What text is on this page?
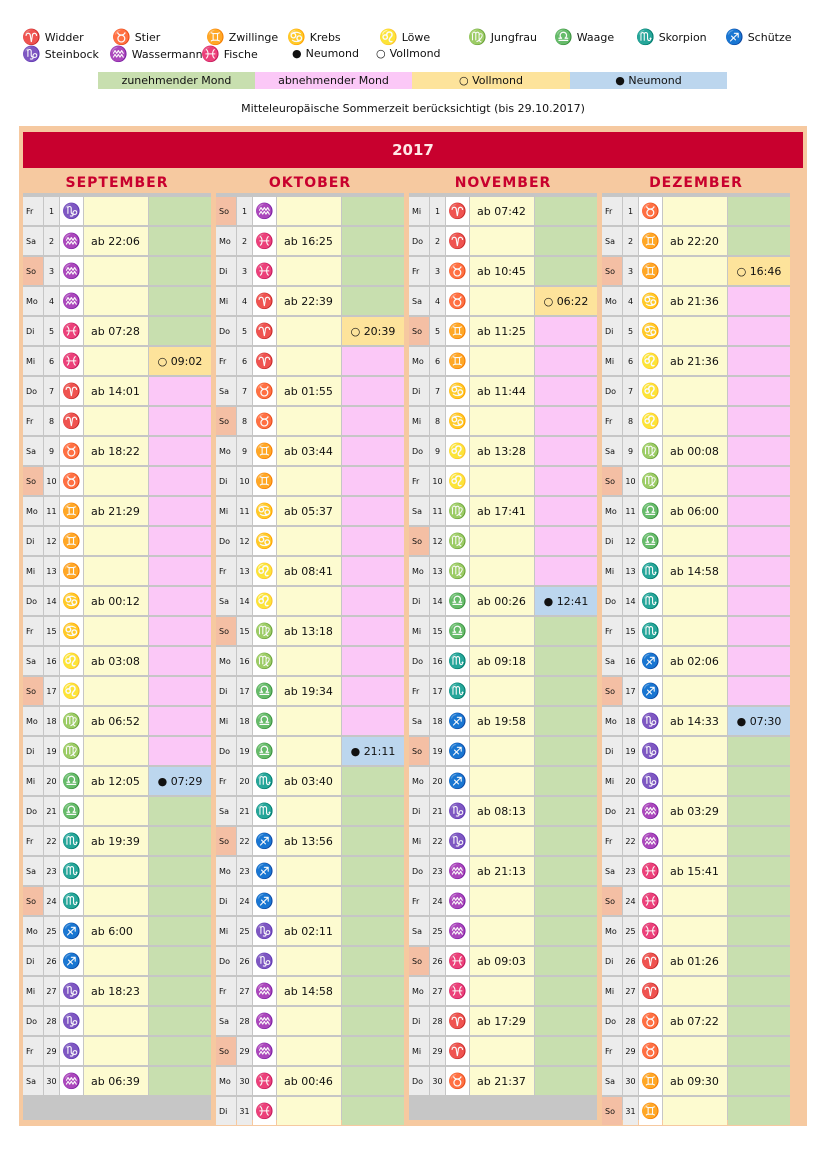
♈ Widder ♉ Stier	♊ Zwillinge ♋ Krebs	♌ Löwe	♍ Jungfrau ♎ Waage ♏ Skorpion ♐ Schütze
♑ Steinbock ♒ Wassermann
♓ Fische	● Neumond ○ Vollmond
zunehmender Mond	abnehmender Mond	○ Vollmond	● Neumond
Mitteleuropäische Sommerzeit berücksichtigt (bis 29.10.2017)
2017
SEPTEMBER
Fr	1 ♑
Sa	2 ♒ ab 22:06
So	3 ♒
Mo	4 ♒
Di	5 ♓ ab 07:28
Mi	6 ♓	○ 09:02
Do	7 ♈ ab 14:01
Fr	8 ♈
Sa	9 ♉ ab 18:22
So	10 ♉
Mo	11 ♊ ab 21:29
Di	12 ♊
Mi	13 ♊
Do	14 ♋ ab 00:12
Fr	15 ♋
Sa	16 ♌ ab 03:08
So	17 ♌
Mo	18 ♍ ab 06:52
Di	19 ♍
Mi	20 ♎ ab 12:05	● 07:29
Do	21 ♎
Fr	22 ♏ ab 19:39
Sa	23 ♏
So	24 ♏
Mo	25 ♐ ab 6:00
Di	26 ♐
Mi	27 ♑ ab 18:23
Do	28 ♑
Fr	29 ♑
Sa	30 ♒ ab 06:39
OKTOBER
So	1 ♒
Mo	2 ♓ ab 16:25
Di	3 ♓
Mi	4 ♈ ab 22:39
Do	5 ♈	○ 20:39
Fr	6 ♈
Sa	7 ♉ ab 01:55
So	8 ♉
Mo	9 ♊ ab 03:44
Di	10 ♊
Mi	11 ♋ ab 05:37
Do	12 ♋
Fr	13 ♌ ab 08:41
Sa	14 ♌
So	15 ♍ ab 13:18
Mo	16 ♍
Di	17 ♎ ab 19:34
Mi	18 ♎
Do	19 ♎	● 21:11
Fr	20 ♏ ab 03:40
Sa	21 ♏
So	22 ♐ ab 13:56
Mo	23 ♐
Di	24 ♐
Mi	25 ♑ ab 02:11
Do	26 ♑
Fr	27 ♒ ab 14:58
Sa	28 ♒
So	29 ♒
Mo	30 ♓ ab 00:46
Di	31 ♓
NOVEMBER
Mi	1 ♈ ab 07:42
Do	2 ♈
Fr	3 ♉ ab 10:45
Sa	4 ♉	○ 06:22
So	5 ♊ ab 11:25
Mo	6 ♊
Di	7 ♋ ab 11:44
Mi	8 ♋
Do	9 ♌ ab 13:28
Fr	10 ♌
Sa	11 ♍ ab 17:41
So	12 ♍
Mo	13 ♍
Di	14 ♎ ab 00:26	● 12:41
Mi	15 ♎
Do	16 ♏ ab 09:18
Fr	17 ♏
Sa	18 ♐ ab 19:58
So	19 ♐
Mo	20 ♐
Di	21 ♑ ab 08:13
Mi	22 ♑
Do	23 ♒ ab 21:13
Fr	24 ♒
Sa	25 ♒
So	26 ♓ ab 09:03
Mo	27 ♓
Di	28 ♈ ab 17:29
Mi	29 ♈
Do	30 ♉ ab 21:37
DEZEMBER
Fr	1 ♉
Sa	2 ♊ ab 22:20
So	3 ♊	○ 16:46
Mo	4 ♋ ab 21:36
Di	5 ♋
Mi	6 ♌ ab 21:36
Do	7 ♌
Fr	8 ♌
Sa	9 ♍ ab 00:08
So	10 ♍
Mo	11 ♎ ab 06:00
Di	12 ♎
Mi	13 ♏ ab 14:58
Do	14 ♏
Fr	15 ♏
Sa	16 ♐ ab 02:06
So	17 ♐
Mo	18 ♑ ab 14:33	● 07:30
Di	19 ♑
Mi	20 ♑
Do	21 ♒ ab 03:29
Fr	22 ♒
Sa	23 ♓ ab 15:41
So	24 ♓
Mo	25 ♓
Di	26 ♈ ab 01:26
Mi	27 ♈
Do	28 ♉ ab 07:22
Fr	29 ♉
Sa	30 ♊ ab 09:30
So	31 ♊
